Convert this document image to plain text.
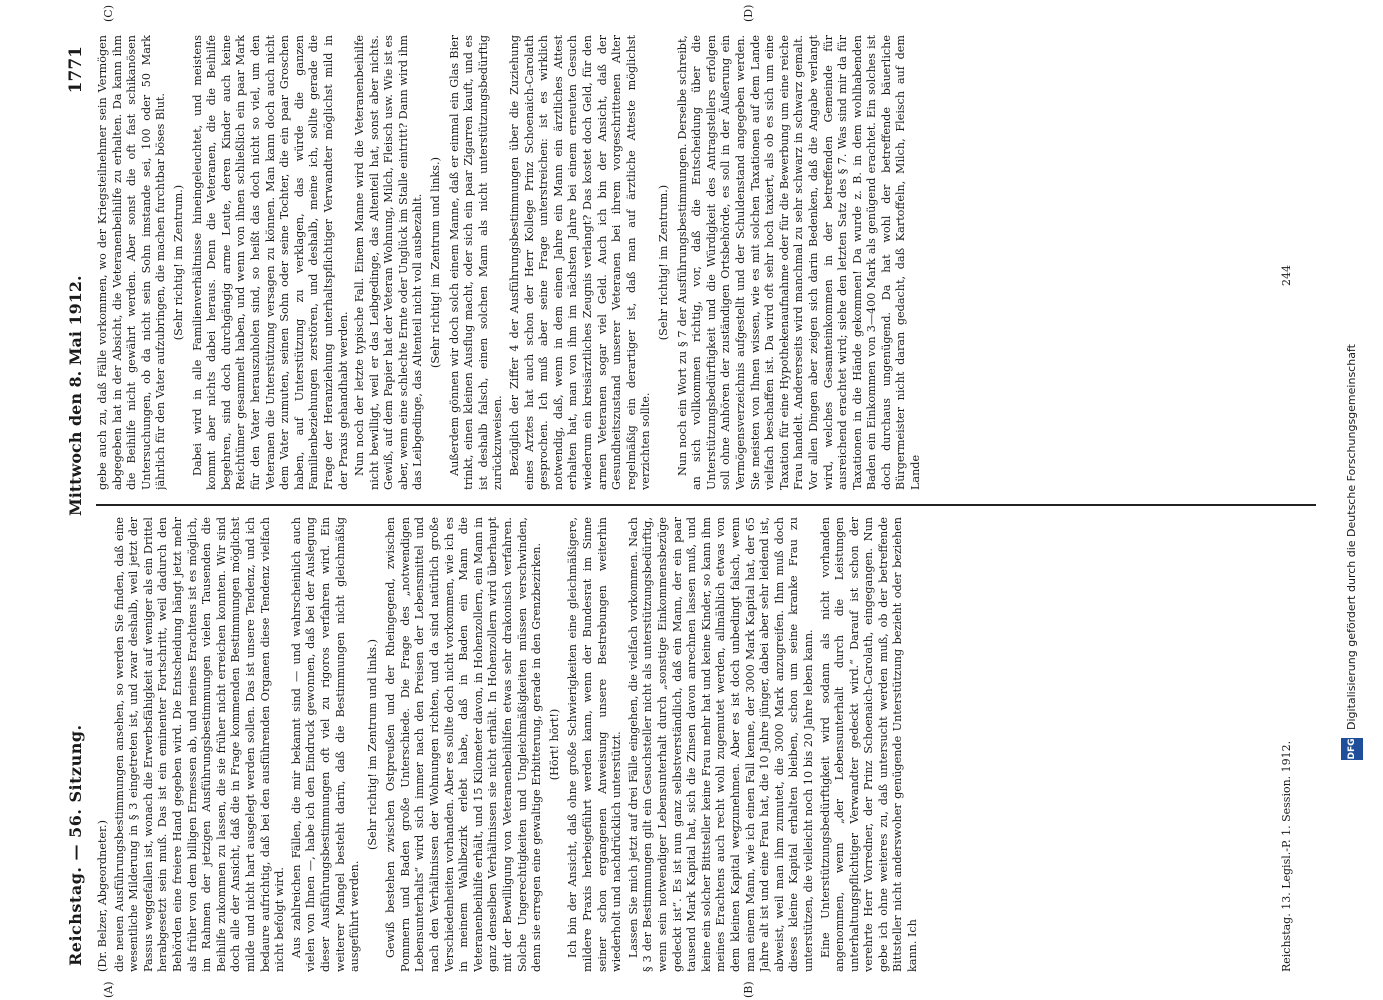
Reichstag. — 56. Sitzung.
Mittwoch den 8. Mai 1912.
1771
(A)	(B)
(C)	(D)

(Dr. Belzer, Abgeordneter.) die neuen Ausführungsbestimmungen ansehen, so werden Sie finden, daß eine wesentliche Milderung in § 3 eingetreten ist, und zwar deshalb, weil jetzt der Passus weggefallen ist, wonach die Erwerbsfähigkeit auf weniger als ein Drittel herabgesetzt sein muß. Das ist ein eminenter Fortschritt, weil dadurch den Behörden eine freiere Hand gegeben wird. Die Entscheidung hängt jetzt mehr als früher von dem billigen Ermessen ab, und meines Erachtens ist es möglich, im Rahmen der jetzigen Ausführungsbestimmungen vielen Tausenden die Beihilfe zukommen zu lassen, die sie früher nicht erreichen konnten. Wir sind doch alle der Ansicht, daß die in Frage kommenden Bestimmungen möglichst milde und nicht hart ausgelegt werden sollen. Das ist unsere Tendenz, und ich bedaure aufrichtig, daß bei den ausführenden Organen diese Tendenz vielfach nicht befolgt wird. Aus zahlreichen Fällen, die mir bekannt sind — und wahrscheinlich auch vielen von Ihnen —, habe ich den Eindruck gewonnen, daß bei der Auslegung dieser Ausführungsbestimmungen oft viel zu rigoros verfahren wird. Ein weiterer Mangel besteht darin, daß die Bestimmungen nicht gleichmäßig ausgeführt werden.

(Sehr richtig! im Zentrum und links.) Gewiß bestehen zwischen Ostpreußen und der Rheingegend, zwischen Pommern und Baden große Unterschiede. Die Frage des „notwendigen Lebensunterhalts“ wird sich immer nach den Preisen der Lebensmittel und nach den Verhältnissen der Wohnungen richten, und da sind natürlich große Verschiedenheiten vorhanden. Aber es sollte doch nicht vorkommen, wie ich es in meinem Wahlbezirk erlebt habe, daß in Baden ein Mann die Veteranenbeihilfe erhält, und 15 Kilometer davon, in Hohenzollern, ein Mann in ganz denselben Verhältnissen sie nicht erhält. In Hohenzollern wird überhaupt mit der Bewilligung von Veteranenbeihilfen etwas sehr drakonisch verfahren. Solche Ungerechtigkeiten und Ungleichmäßigkeiten müssen verschwinden, denn sie erregen eine gewaltige Erbitterung, gerade in den Grenzbezirken. (Hört! hört!) Ich bin der Ansicht, daß ohne große Schwierigkeiten eine gleichmäßigere, mildere Praxis herbeigeführt werden kann, wenn der Bundesrat im Sinne seiner schon ergangenen Anweisung unsere Bestrebungen weiterhin wiederholt und nachdrücklich unterstützt. Lassen Sie mich jetzt auf drei Fälle eingehen, die vielfach vorkommen. Nach § 3 der Bestimmungen gilt ein Gesuchsteller nicht als unterstützungsbedürftig, wenn sein notwendiger Lebensunterhalt durch „sonstige Einkommensbezüge gedeckt ist“. Es ist nun ganz selbstverständlich, daß ein Mann, der ein paar tausend Mark Kapital hat, sich die Zinsen davon anrechnen lassen muß, und keine ein solcher Bittsteller keine Frau mehr hat und keine Kinder, so kann ihm meines Erachtens auch recht wohl zugemutet werden, allmählich etwas von dem kleinen Kapital wegzunehmen. Aber es ist doch unbedingt falsch, wenn man einem Mann, wie ich einen Fall kenne, der 3000 Mark Kapital hat, der 65 Jahre alt ist und eine Frau hat, die 10 Jahre jünger, dabei aber sehr leidend ist, abweist, weil man ihm zumutet, die 3000 Mark anzugreifen. Ihm muß doch dieses kleine Kapital erhalten bleiben, schon um seine kranke Frau zu unterstützen, die vielleicht noch 10 bis 20 Jahre leben kann. Eine Unterstützungsbedürftigkeit wird sodann als nicht vorhanden angenommen, wenn „der Lebensunterhalt durch die Leistungen unterhaltungspflichtiger Verwandter gedeckt wird.“ Darauf ist schon der verehrte Herr Vorredner, der Prinz Schoenaich-Carolath, eingegangen. Nun gebe ich ohne weiteres zu, daß untersucht werden muß, ob der betreffende Bittsteller nicht anderswoher genügende Unterstützung bezieht oder beziehen kann. Ich

gebe auch zu, daß Fälle vorkommen, wo der Kriegsteilnehmer sein Vermögen abgegeben hat in der Absicht, die Veteranenbeihilfe zu erhalten. Da kann ihm die Beihilfe nicht gewährt werden. Aber sonst die oft fast schikanösen Untersuchungen, ob da nicht sein Sohn imstande sei, 100 oder 50 Mark jährlich für den Vater aufzubringen, die machen furchtbar böses Blut. (Sehr richtig! im Zentrum.) Dabei wird in alle Familienverhältnisse hineingeleuchtet, und meistens kommt aber nichts dabei heraus. Denn die Veteranen, die die Beihilfe begehren, sind doch durchgängig arme Leute, deren Kinder auch keine Reichtümer gesammelt haben, und wenn von ihnen schließlich ein paar Mark für den Vater herauszuholen sind, so heißt das doch nicht so viel, um den Veteranen die Unterstützung versagen zu können. Man kann doch auch nicht dem Vater zumuten, seinen Sohn oder seine Tochter, die ein paar Groschen haben, auf Unterstützung zu verklagen, das würde die ganzen Familienbeziehungen zerstören, und deshalb, meine ich, sollte gerade die Frage der Heranziehung unterhaltspflichtiger Verwandter möglichst mild in der Praxis gehandhabt werden. Nun noch der letzte typische Fall. Einem Manne wird die Veteranenbeihilfe nicht bewilligt, weil er das Leibgedinge, das Altenteil hat, sonst aber nichts. Gewiß, auf dem Papier hat der Veteran Wohnung, Milch, Fleisch usw. Wie ist es aber, wenn eine schlechte Ernte oder Unglück im Stalle eintritt? Dann wird ihm das Leibgedinge, das Altenteil nicht voll ausbezahlt. (Sehr richtig! im Zentrum und links.) Außerdem gönnen wir doch solch einem Manne, daß er einmal ein Glas Bier trinkt, einen kleinen Ausflug macht, oder sich ein paar Zigarren kauft, und es ist deshalb falsch, einen solchen Mann als nicht unterstützungsbedürftig zurückzuweisen. Bezüglich der Ziffer 4 der Ausführungsbestimmungen über die Zuziehung eines Arztes hat auch schon der Herr Kollege Prinz Schoenaich-Carolath gesprochen. Ich muß aber seine Frage unterstreichen: ist es wirklich notwendig, daß, wenn in dem einen Jahre ein Mann ein ärztliches Attest erhalten hat, man von ihm im nächsten Jahre bei einem erneuten Gesuch wiederum ein kreisärztliches Zeugnis verlangt? Das kostet doch Geld, für den armen Veteranen sogar viel Geld. Auch ich bin der Ansicht, daß der Gesundheitszustand unserer Veteranen bei ihrem vorgeschrittenen Alter regelmäßig ein derartiger ist, daß man auf ärztliche Atteste möglichst verzichten sollte.

(Sehr richtig! im Zentrum.) Nun noch ein Wort zu § 7 der Ausführungsbestimmungen. Derselbe schreibt, an sich vollkommen richtig, vor, daß die Entscheidung über die Unterstützungsbedürftigkeit und die Würdigkeit des Antragstellers erfolgen soll ohne Anhören der zuständigen Ortsbehörde, es soll in der Äußerung ein Vermögensverzeichnis aufgestellt und der Schuldenstand angegeben werden. Sie meisten von Ihnen wissen, wie es mit solchen Taxationen auf dem Lande vielfach beschaffen ist. Da wird oft sehr hoch taxiert, als ob es sich um eine Taxation für eine Hypothekenaufnahme oder für die Bewerbung um eine reiche Frau handelt. Andererseits wird manchmal zu sehr schwarz in schwarz gemalt. Vor allen Dingen aber zeigen sich darin Bedenken, daß die Angabe verlangt wird, welches Gesamteinkommen in der betreffenden Gemeinde für ausreichend erachtet wird; siehe den letzten Satz des § 7. Was sind mir da für Taxationen in die Hände gekommen! Da wurde z. B. in dem wohlhabenden Baden ein Einkommen von 3—400 Mark als genügend erachtet. Ein solches ist doch durchaus ungenügend. Da hat wohl der betreffende bäuerliche Bürgermeister nicht daran gedacht, daß Kartoffeln, Milch, Fleisch auf dem Lande

Reichstag. 13. Legisl.-P. 1. Session. 1912.
244
DFG
Digitalisierung gefördert durch die Deutsche Forschungsgemeinschaft
